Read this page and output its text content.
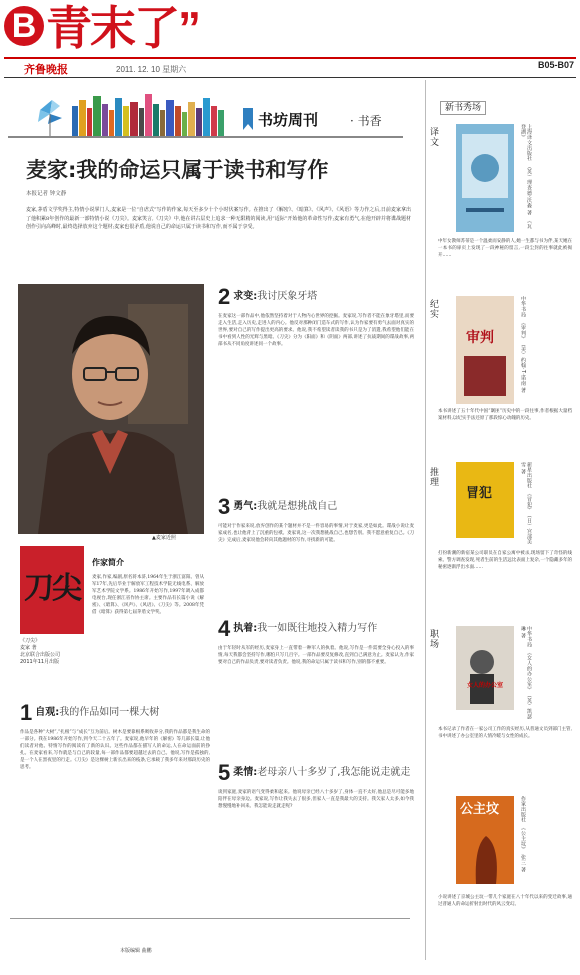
B 青末了”
齐鲁晚报	2011. 12. 10 星期六	B05-B07
书坊周刊	· 书香
麦家:我的命运只属于读书和写作
本报记者 钟文静
麦家,茅盾文学奖得主,特情小说掌门人,麦家是一位“自虐式”写作的作家,每天至多少十个小时伏案写作。在推出了《解密》、《暗算》、《风声》、《风语》等力作之后,日前麦家拿出了他积累8年创作的最新一部特情小说《刀尖》。麦家笑言,《刀尖》中,他在讲古层史上追求一种无限精的阅读,用“适际”开始他的革命性写作;麦家有勇气,在他开辟并将谍战题材创作引向高峰时,最终选择放弃这个题材;麦家也很矛盾,他说自己的命运只属于读书和写作,而不属于享受。
▲麦家近照
刀尖
《刀尖》
麦家 著
北京联合出版公司
2011年11月出版
作家简介
麦家,作家,编剧,原名蒋本浒,1964年生于浙江富阳。曾从军17年,先后毕业于解放军工程技术学院无线电系、解放军艺术学院文学系。1986年开始写作,1997年调入成都电视台,现任浙江省作协主席。主要作品有长篇小说《解密》、《暗算》、《风声》、《风语》、《刀尖》等。2008年凭借《暗算》获得第七届茅盾文学奖。
1 自观:我的作品如同一棵大树
作品是各种“大树”,“扎根”与“成长”互为前后。树木是要靠根系吸收养分,我的作品都是我生命的一部分。我在1986年开始写作,到今天二十五年了。麦家说,他早年的《解密》等几部长篇,让他们读者对他、特情写作的阅读有了新的认识。这些作品都在描写人的命运,人在命运面前的挣扎。在麦家看来,写作就是与自己的较量,每一部作品都要超越过去的自己。他说,写作是孤独的,是一个人在黑夜里的行走。《刀尖》是这棵树上新长出来的枝条,它承载了我多年来对那段历史的思考。
2 求变:我讨厌象牙塔
在麦家这一部作品中,他依然坚持着对于人物内心世界的挖掘。麦家说,写作者不能在象牙塔里,而要走入生活,走入历史,走进人的内心。他反对那种闭门造车式的写作,认为作家要有勇气去面对真实的世界,要对自己的写作提出更高的要求。他说,我不希望读者读我的书只是为了消遣,我希望他们能在书中看到人性的光辉与黑暗。《刀尖》分为《阳面》和《阴面》两部,讲述了抗战期间的谍战故事,两部书从不同角度讲述同一个故事。
3 勇气:我就是想挑战自己
可能对于作家来说,放弃创作的某个题材并不是一件容易的事情,对于麦家,更是如此。谍战小说让麦家成名,也让他背上了沉重的包袱。麦家说,这一次我想挑战自己,也想告别。我不愿意重复自己。《刀尖》完成后,麦家说他会转向其他题材的写作,寻找新的可能。
4 执着:我一如既往地投入精力写作
由于年轻时从军的经历,麦家身上一直带着一种军人的执着。他说,写作是一件需要全身心投入的事情,每天我都会坚持写作,哪怕只写几百字。一部作品要反复修改,直到自己满意为止。麦家认为,作家要对自己的作品负责,要对读者负责。他说,我的命运只属于读书和写作,别的都不重要。
5 柔情:老母亲八十多岁了,我怎能说走就走
谈到家庭,麦家的语气变得柔和起来。他说母亲已经八十多岁了,身体一直不太好,他总是尽可能多地陪伴在母亲身边。麦家说,写作让我失去了很多,但家人一直是我最大的支持。我欠家人太多,如今我想慢慢地补回来。我怎能说走就走呢?
本版编辑 曲鹏
新书秀场
译文	上海译文出版社　（英）理查德·沃森 著　《瓦登湖》
中年女教师苏蒂是一个温柔而安静的人,她一生都与书为伴,某天她在一本书的扉页上发现了一段神秘的留言,一段尘封的往事就此被揭开……
纪实
审判
中华书局　《审判》　（美）约翰·T·诺南 著
本书讲述了五十年代中国“剿匪”历史中的一段往事,作者根据大量档案材料,以纪实手法还原了那段惊心动魄的历史。
推理
冒犯
新星出版社　《冒犯》　（日）宫部美雪 著
打扮新潮的新宿某公司职员在自家公寓中被杀,现场留下了奇怪的线索。警方调查发现,死者生前的生活远比表面上复杂,一个隐藏多年的秘密逐渐浮出水面……
职场
女人的办公室
中华书局　《女人的办公室》　（英）凯瑟琳 著
本书记录了作者在一家公司工作的真实经历,从普通文员到部门主管,书中讲述了办公室里的人情冷暖与女性的成长。
公主坟	作家出版社　《公主坟》　张三 著
小说讲述了京城公主坟一带几个家庭在八十年代以来的变迁故事,通过普通人的命运折射出时代的风云变幻。
